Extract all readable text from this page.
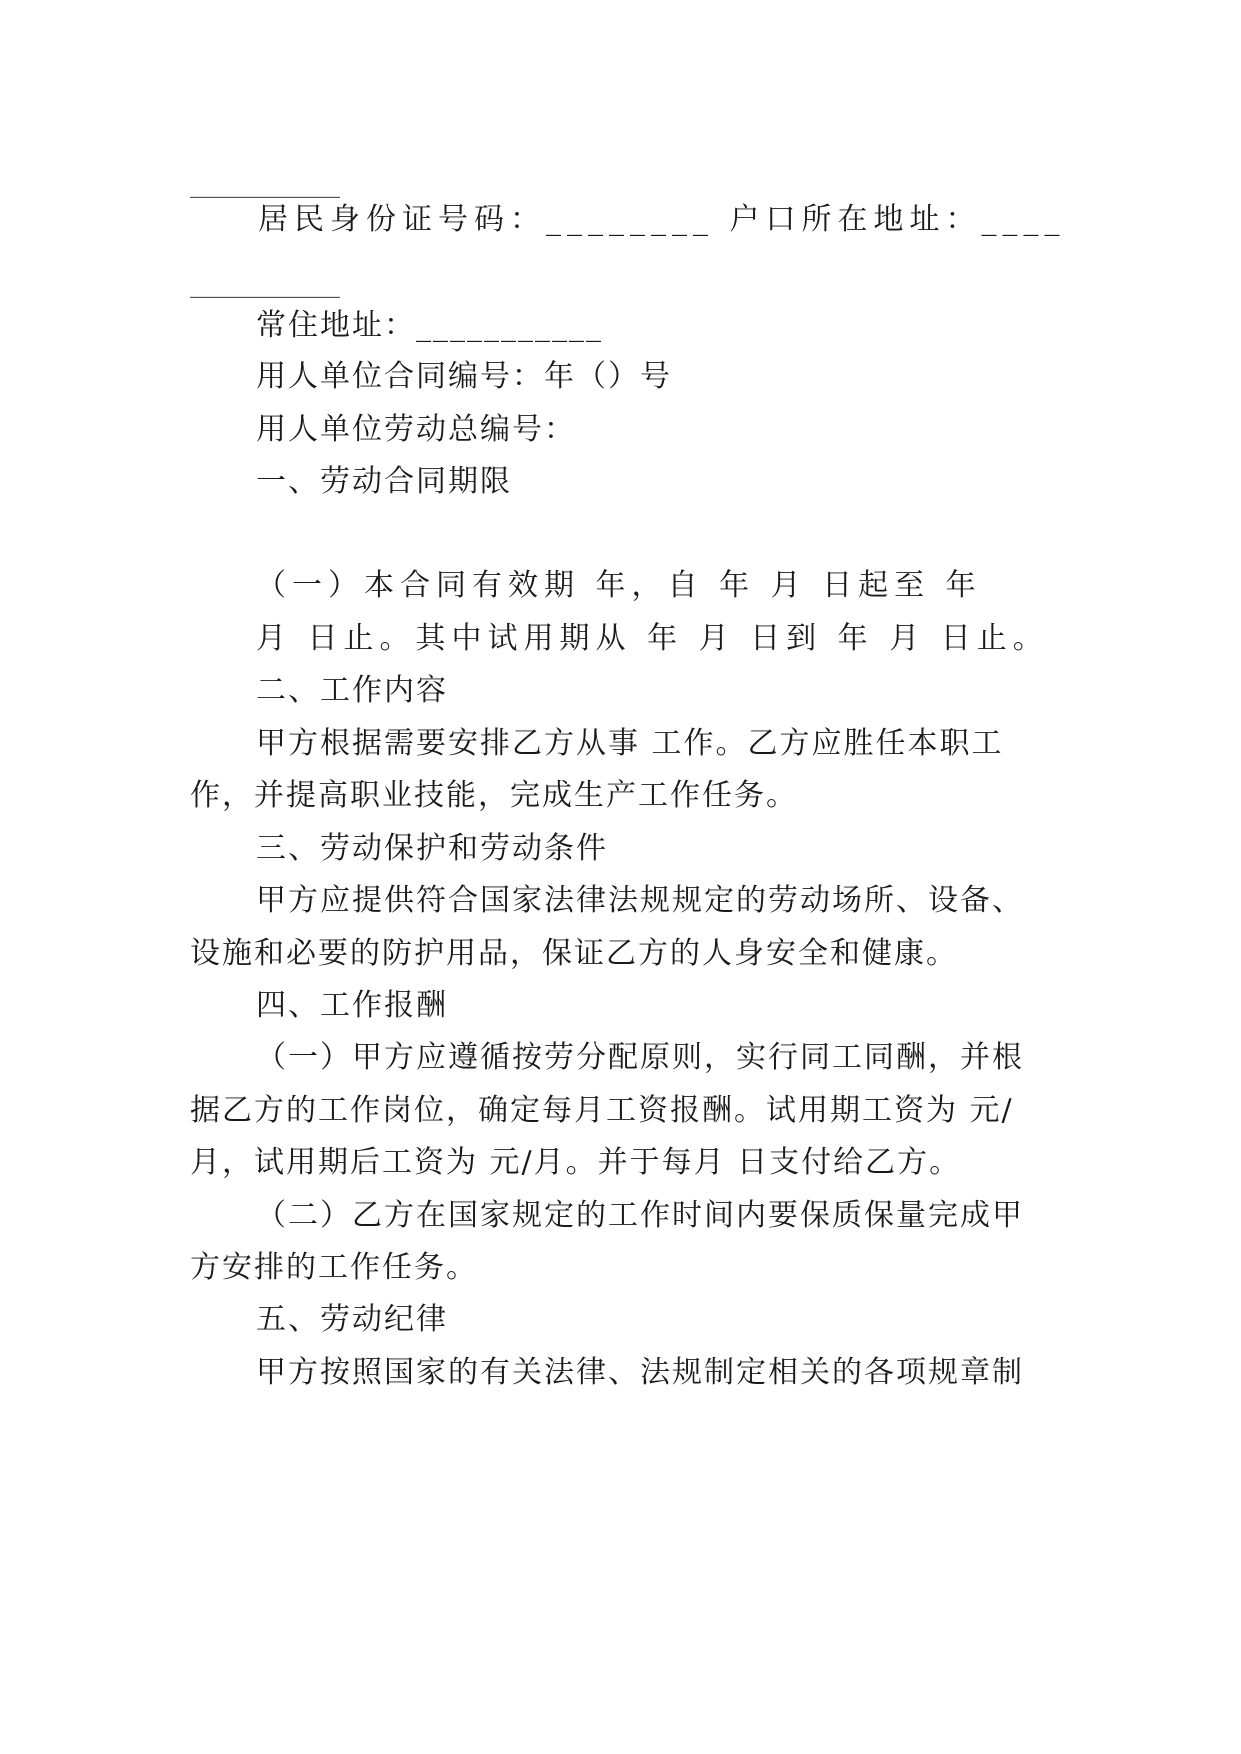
__________
居民身份证号码：________ 户口所在地址：____
__________
常住地址：___________
用人单位合同编号：年（）号
用人单位劳动总编号：
一、劳动合同期限
（一）本合同有效期 年，自 年 月 日起至 年
月 日止。其中试用期从 年 月 日到 年 月 日止。
二、工作内容
甲方根据需要安排乙方从事 工作。乙方应胜任本职工
作，并提高职业技能，完成生产工作任务。
三、劳动保护和劳动条件
甲方应提供符合国家法律法规规定的劳动场所、设备、
设施和必要的防护用品，保证乙方的人身安全和健康。
四、工作报酬
（一）甲方应遵循按劳分配原则，实行同工同酬，并根
据乙方的工作岗位，确定每月工资报酬。试用期工资为 元/
月，试用期后工资为 元/月。并于每月 日支付给乙方。
（二）乙方在国家规定的工作时间内要保质保量完成甲
方安排的工作任务。
五、劳动纪律
甲方按照国家的有关法律、法规制定相关的各项规章制
